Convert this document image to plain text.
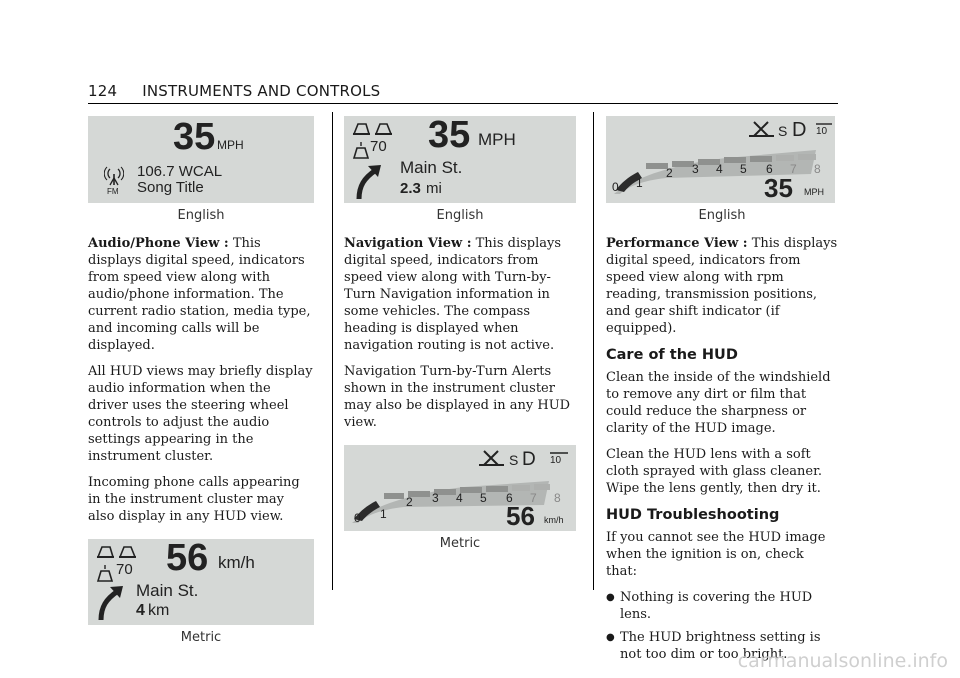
124 INSTRUMENTS AND CONTROLS
35 MPH
FM
106.7 WCAL
Song Title
English

Audio/Phone View : This displays digital speed, indicators from speed view along with audio/phone information. The current radio station, media type, and incoming calls will be displayed.

All HUD views may briefly display audio information when the driver uses the steering wheel controls to adjust the audio settings appearing in the instrument cluster.

Incoming phone calls appearing in the instrument cluster may also display in any HUD view.

70 56 km/h
Main St.
4 km
Metric
70 35 MPH
Main St.
2.3 mi
English

Navigation View : This displays digital speed, indicators from speed view along with Turn-by-Turn Navigation information in some vehicles. The compass heading is displayed when navigation routing is not active.

Navigation Turn-by-Turn Alerts shown in the instrument cluster may also be displayed in any HUD view.

D
S	10
0 1
2 3 4 5 6 7 8
56 km/h
Metric
D
S	10
0 1
2 3 4 5 6 7 8
35 MPH
English

Performance View : This displays digital speed, indicators from speed view along with rpm reading, transmission positions, and gear shift indicator (if equipped).

Care of the HUD

Clean the inside of the windshield to remove any dirt or film that could reduce the sharpness or clarity of the HUD image.

Clean the HUD lens with a soft cloth sprayed with glass cleaner. Wipe the lens gently, then dry it.

HUD Troubleshooting

If you cannot see the HUD image when the ignition is on, check that:

● Nothing is covering the HUD lens.
● The HUD brightness setting is not too dim or too bright.
carmanualsonline.info
